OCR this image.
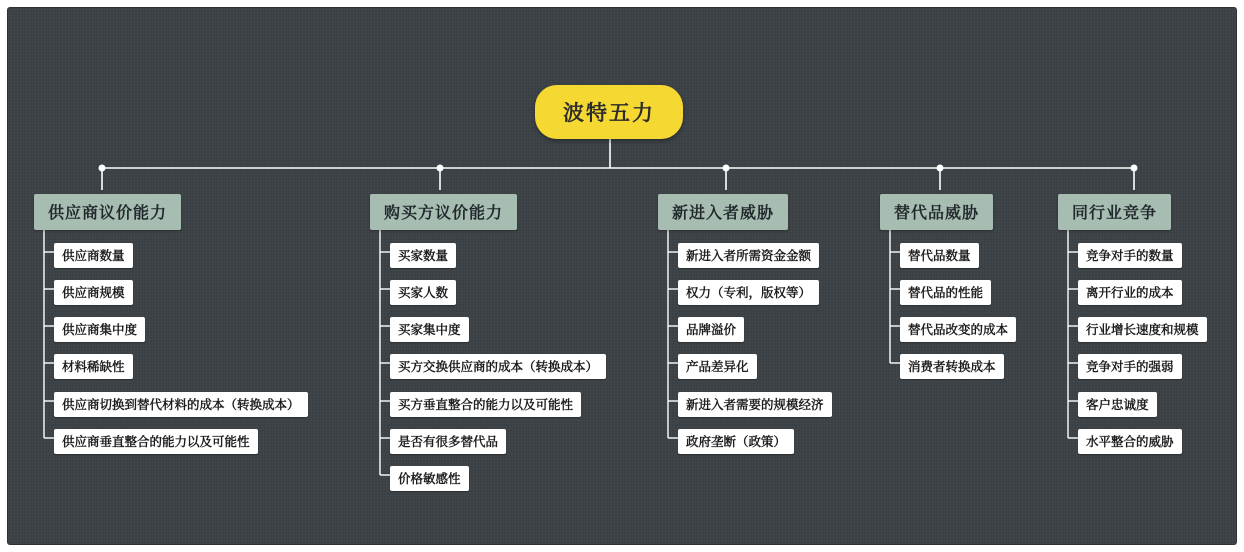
波特五力
供应商议价能力
供应商数量
供应商规模
供应商集中度
材料稀缺性
供应商切换到替代材料的成本（转换成本）
供应商垂直整合的能力以及可能性
购买方议价能力
买家数量
买家人数
买家集中度
买方交换供应商的成本（转换成本）
买方垂直整合的能力以及可能性
是否有很多替代品
价格敏感性
新进入者威胁
新进入者所需资金金额
权力（专利，版权等）
品牌溢价
产品差异化
新进入者需要的规模经济
政府垄断（政策）
替代品威胁
替代品数量
替代品的性能
替代品改变的成本
消费者转换成本
同行业竞争
竞争对手的数量
离开行业的成本
行业增长速度和规模
竞争对手的强弱
客户忠诚度
水平整合的威胁
